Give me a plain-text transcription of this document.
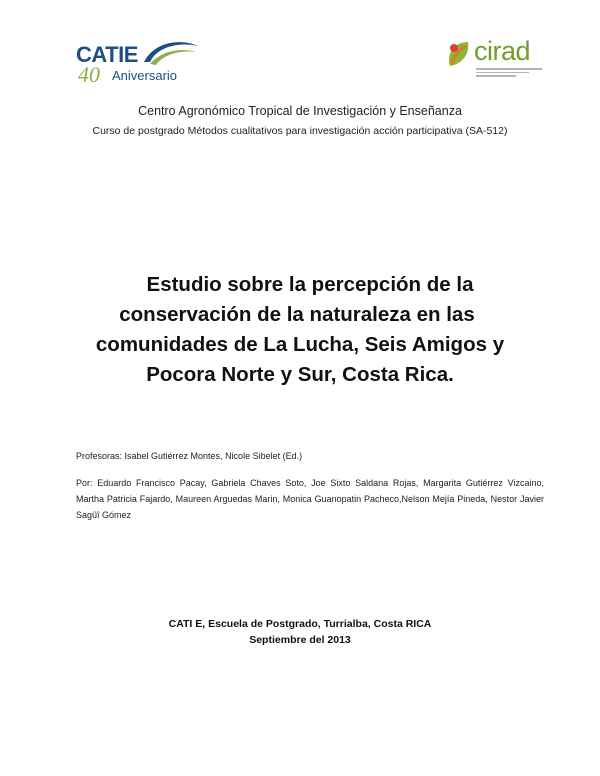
CATIE
40 Aniversario
cirad
Centro Agronómico Tropical de Investigación y Enseñanza
Curso de postgrado Métodos cualitativos para investigación acción participativa (SA-512)
Estudio sobre la percepción de la
conservación de la naturaleza en las
comunidades de La Lucha, Seis Amigos y
Pocora Norte y Sur, Costa Rica.
Profesoras: Isabel Gutiérrez Montes, Nicole Sibelet (Ed.)
Por: Eduardo Francisco Pacay, Gabriela Chaves Soto, Joe Sixto Saldana Rojas, Margarita Gutiérrez Vizcaino, Martha Patricia Fajardo, Maureen Arguedas Marin, Monica Guanopatin Pacheco,Nelson Mejía Pineda, Nestor Javier Sagûî Gómez
CATI E, Escuela de Postgrado, Turrialba, Costa RICA
Septiembre del 2013
